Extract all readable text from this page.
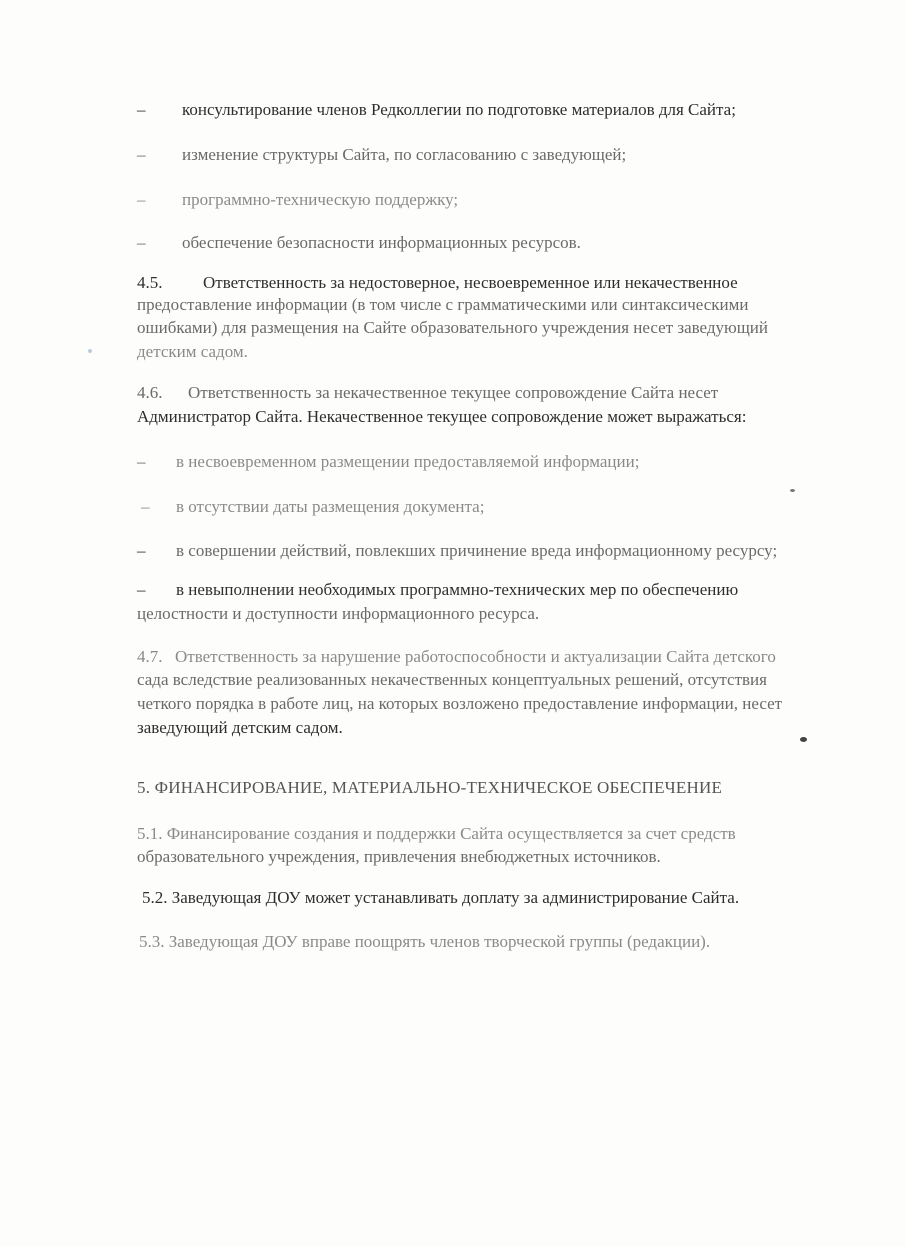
– консультирование членов Редколлегии по подготовке материалов для Сайта;
– изменение структуры Сайта, по согласованию с заведующей;
– программно-техническую поддержку;
– обеспечение безопасности информационных ресурсов.
4.5. Ответственность за недостоверное, несвоевременное или некачественное
предоставление информации (в том числе с грамматическими или синтаксическими
ошибками) для размещения на Сайте образовательного учреждения несет заведующий
детским садом.
4.6. Ответственность за некачественное текущее сопровождение Сайта несет
Администратор Сайта. Некачественное текущее сопровождение может выражаться:
– в несвоевременном размещении предоставляемой информации;
– в отсутствии даты размещения документа;
– в совершении действий, повлекших причинение вреда информационному ресурсу;
– в невыполнении необходимых программно-технических мер по обеспечению
целостности и доступности информационного ресурса.
4.7. Ответственность за нарушение работоспособности и актуализации Сайта детского
сада вследствие реализованных некачественных концептуальных решений, отсутствия
четкого порядка в работе лиц, на которых возложено предоставление информации, несет
заведующий детским садом.
5. ФИНАНСИРОВАНИЕ, МАТЕРИАЛЬНО-ТЕХНИЧЕСКОЕ ОБЕСПЕЧЕНИЕ
5.1. Финансирование создания и поддержки Сайта осуществляется за счет средств
образовательного учреждения, привлечения внебюджетных источников.
5.2. Заведующая ДОУ может устанавливать доплату за администрирование Сайта.
5.3. Заведующая ДОУ вправе поощрять членов творческой группы (редакции).
